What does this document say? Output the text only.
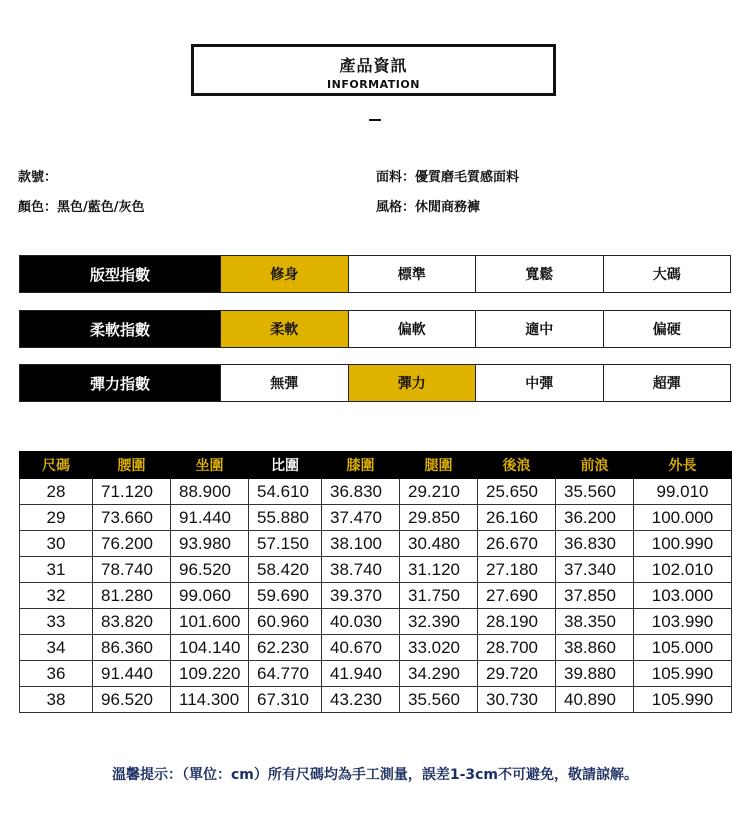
產品資訊
INFORMATION
款號：
顏色：黑色/藍色/灰色
面料：優質磨毛質感面料
風格：休閒商務褲
版型指數	修身	標準	寬鬆	大碼
柔軟指數	柔軟	偏軟	適中	偏硬
彈力指數	無彈	彈力	中彈	超彈
尺碼	腰圍	坐圍	比圍	膝圍	腿圍	後浪	前浪	外長
28	71.120	88.900	54.610	36.830	29.210	25.650	35.560	99.010
29	73.660	91.440	55.880	37.470	29.850	26.160	36.200	100.000
30	76.200	93.980	57.150	38.100	30.480	26.670	36.830	100.990
31	78.740	96.520	58.420	38.740	31.120	27.180	37.340	102.010
32	81.280	99.060	59.690	39.370	31.750	27.690	37.850	103.000
33	83.820	101.600	60.960	40.030	32.390	28.190	38.350	103.990
34	86.360	104.140	62.230	40.670	33.020	28.700	38.860	105.000
36	91.440	109.220	64.770	41.940	34.290	29.720	39.880	105.990
38	96.520	114.300	67.310	43.230	35.560	30.730	40.890	105.990
溫馨提示：（單位：cm）所有尺碼均為手工測量，誤差1-3cm不可避免，敬請諒解。
